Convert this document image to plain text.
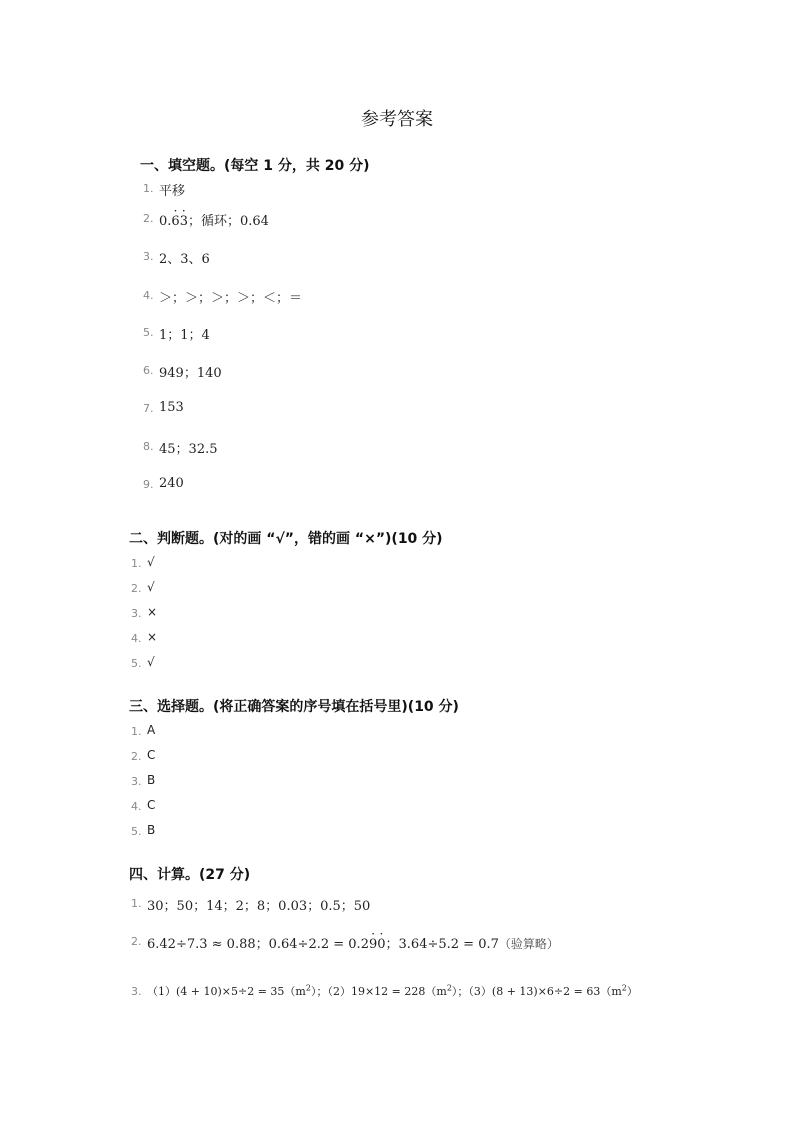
参考答案
一、填空题。(每空 1 分，共 20 分)
1. 平移
2. 0.· 6· 3；循环；0.64
3. 2、3、6
4. ＞；＞；＞；＞；＜；＝
5. 1；1；4
6. 949；140
7. 153
8. 45；32.5
9. 240
二、判断题。(对的画 “√”，错的画 “×”)(10 分)
1. √
2. √
3. ×
4. ×
5. √
三、选择题。(将正确答案的序号填在括号里)(10 分)
1. A
2. C
3. B
4. C
5. B
四、计算。(27 分)
1. 30；50；14；2；8；0.03；0.5；50
2. 6.42÷7.3 ≈ 0.88；0.64÷2.2 = 0.2· 9· 0；3.64÷5.2 = 0.7（验算略）
3. $(1)(4 + 10)\times 5\div 2 = 35(m^2)$；$(2)19\times 12 = 228(m^2)$；$(3)(8 + 13)\times 6\div 2 = 63(m^2)$
